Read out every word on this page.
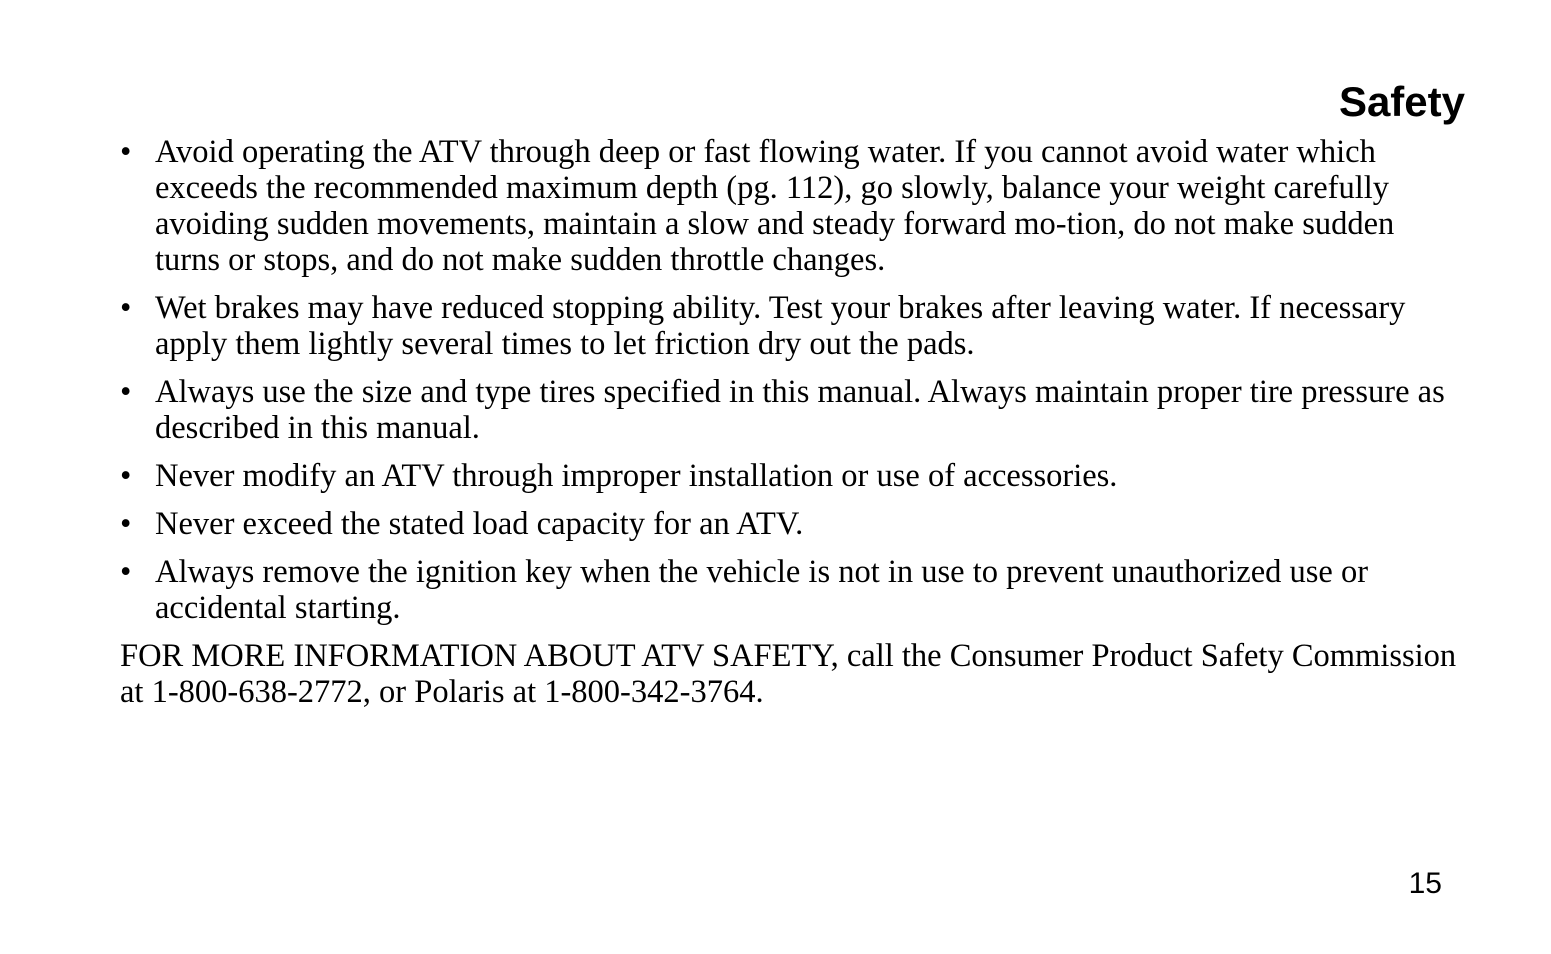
Safety
• Avoid operating the ATV through deep or fast flowing water. If you cannot avoid water which exceeds the recommended maximum depth (pg. 112), go slowly, balance your weight carefully avoiding sudden movements, maintain a slow and steady forward mo-tion, do not make sudden turns or stops, and do not make sudden throttle changes.
• Wet brakes may have reduced stopping ability. Test your brakes after leaving water. If necessary apply them lightly several times to let friction dry out the pads.
• Always use the size and type tires specified in this manual. Always maintain proper tire pressure as described in this manual.
• Never modify an ATV through improper installation or use of accessories.
• Never exceed the stated load capacity for an ATV.
• Always remove the ignition key when the vehicle is not in use to prevent unauthorized use or accidental starting.

FOR MORE INFORMATION ABOUT ATV SAFETY, call the Consumer Product Safety Commission at 1-800-638-2772, or Polaris at 1-800-342-3764.

15
